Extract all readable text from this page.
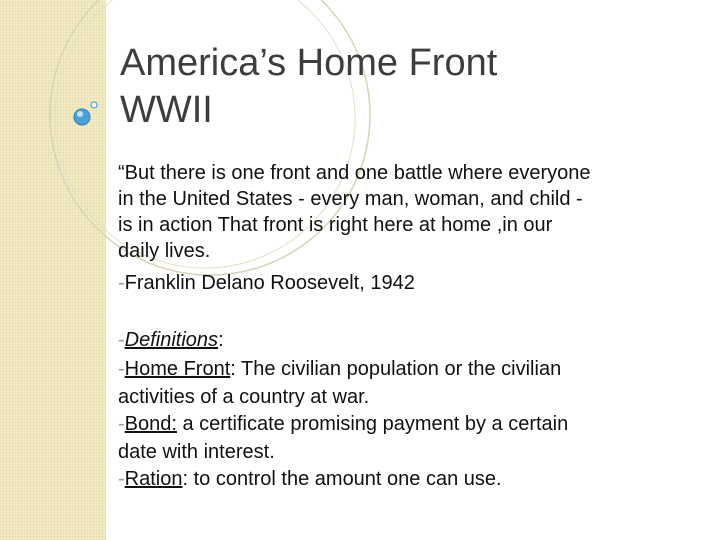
America’s Home Front
WWII

“But there is one front and one battle where everyone

in the United States - every man, woman, and child -

is in action That front is right here at home ,in our

daily lives.

-Franklin Delano Roosevelt, 1942

-Definitions:

-Home Front: The civilian population or the civilian

activities of a country at war.

-Bond: a certificate promising payment by a certain

date with interest.

-Ration: to control the amount one can use.
